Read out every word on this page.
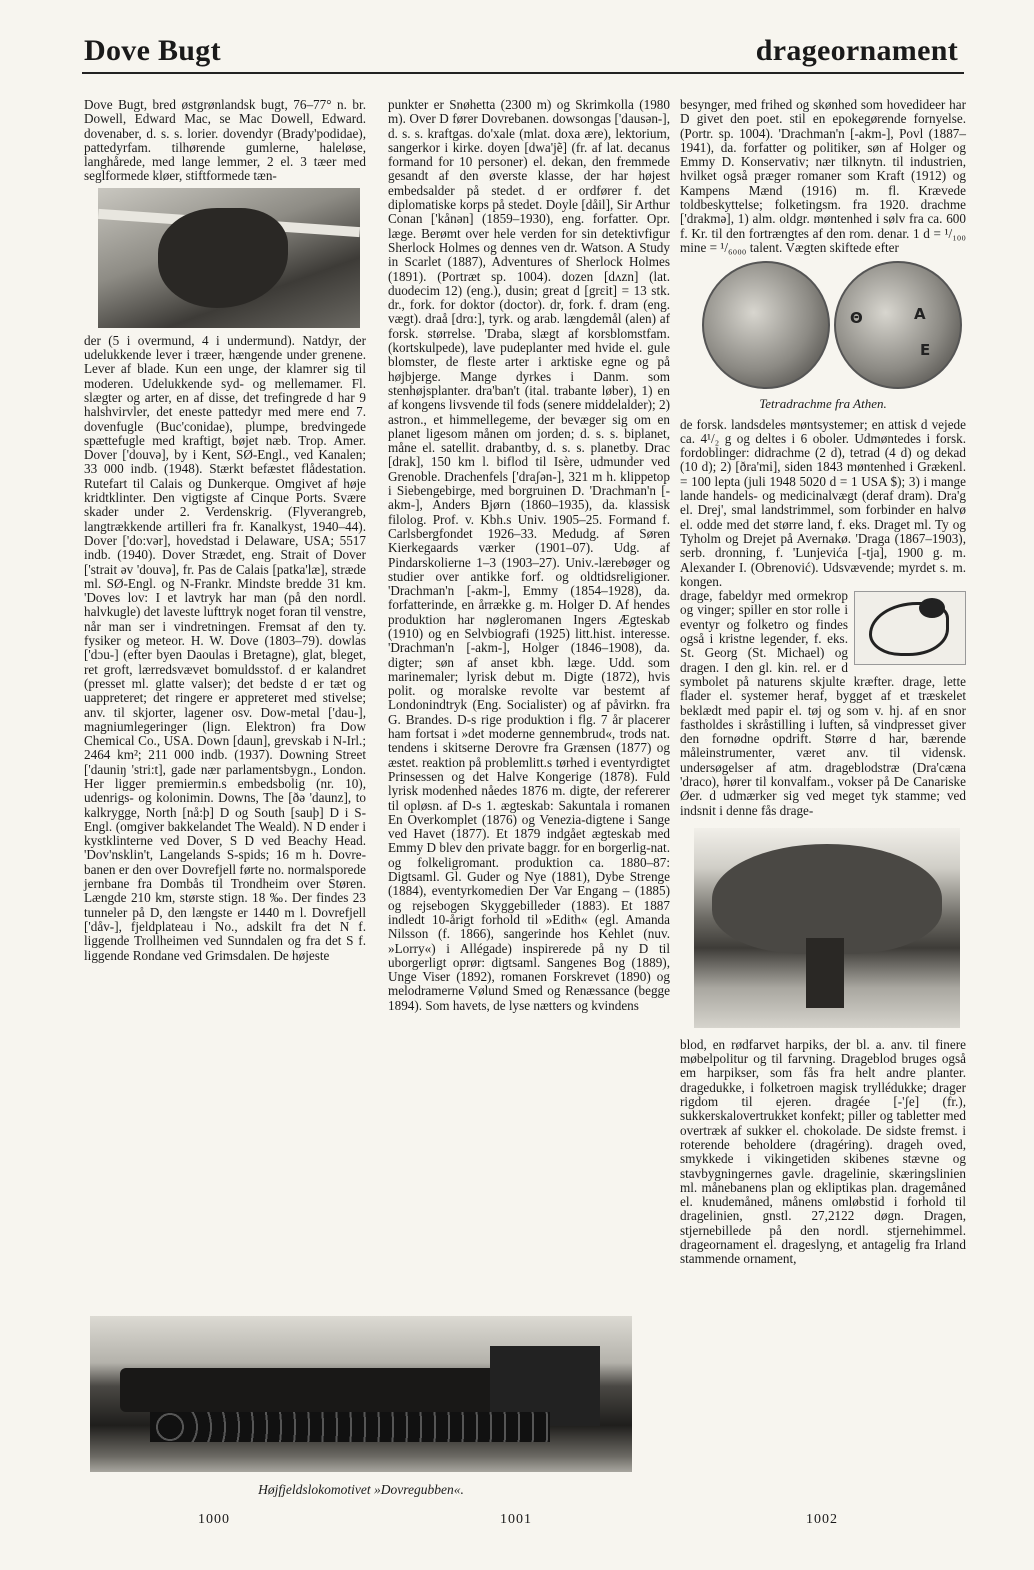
Dove Bugt	drageornament

Dove Bugt, bred østgrønlandsk bugt, 76–77° n. br. Dowell, Edward Mac, se Mac Dowell, Edward. dovenaber, d. s. s. lorier. dovendyr (Brady'podidae), pattedyrfam. tilhørende gumlerne, haleløse, langhårede, med lange lemmer, 2 el. 3 tæer med seglformede kløer, stiftformede tæn-

der (5 i overmund, 4 i undermund). Natdyr, der udelukkende lever i træer, hængende under grenene. Lever af blade. Kun een unge, der klamrer sig til moderen. Udelukkende syd- og mellemamer. Fl. slægter og arter, en af disse, det trefingrede d har 9 halshvirvler, det eneste pattedyr med mere end 7. dovenfugle (Buc'conidae), plumpe, bredvingede spættefugle med kraftigt, bøjet næb. Trop. Amer. Dover ['douvə], by i Kent, SØ-Engl., ved Kanalen; 33 000 indb. (1948). Stærkt befæstet flådestation. Rutefart til Calais og Dunkerque. Omgivet af høje kridtklinter. Den vigtigste af Cinque Ports. Svære skader under 2. Verdenskrig. (Flyverangreb, langtrækkende artilleri fra fr. Kanalkyst, 1940–44). Dover ['do:vər], hovedstad i Delaware, USA; 5517 indb. (1940). Dover Strædet, eng. Strait of Dover ['strait əv 'douvə], fr. Pas de Calais [patka'læ], stræde ml. SØ-Engl. og N-Frankr. Mindste bredde 31 km. 'Doves lov: I et lavtryk har man (på den nordl. halvkugle) det laveste lufttryk noget foran til venstre, når man ser i vindretningen. Fremsat af den ty. fysiker og meteor. H. W. Dove (1803–79). dowlas ['dɔu-] (efter byen Daoulas i Bretagne), glat, bleget, ret groft, lærredsvævet bomuldsstof. d er kalandret (presset ml. glatte valser); det bedste d er tæt og uappreteret; det ringere er appreteret med stivelse; anv. til skjorter, lagener osv. Dow-metal ['dau-], magniumlegeringer (lign. Elektron) fra Dow Chemical Co., USA. Down [daun], grevskab i N-Irl.; 2464 km²; 211 000 indb. (1937). Downing Street ['dauniŋ 'stri:t], gade nær parlamentsbygn., London. Her ligger premiermin.s embedsbolig (nr. 10), udenrigs- og kolonimin. Downs, The [ðə 'daunz], to kalkrygge, North [nå:þ] D og South [sauþ] D i S-Engl. (omgiver bakkelandet The Weald). N D ender i kystklinterne ved Dover, S D ved Beachy Head. 'Dov'nsklin't, Langelands S-spids; 16 m h. Dovre-banen er den over Dovrefjell førte no. normalsporede jernbane fra Dombås til Trondheim over Støren. Længde 210 km, største stign. 18 ‰. Der findes 23 tunneler på D, den længste er 1440 m l. Dovrefjell ['dåv-], fjeldplateau i No., adskilt fra det N f. liggende Trollheimen ved Sunndalen og fra det S f. liggende Rondane ved Grimsdalen. De højeste

punkter er Snøhetta (2300 m) og Skrimkolla (1980 m). Over D fører Dovrebanen. dowsongas ['dausən-], d. s. s. kraftgas. do'xale (mlat. doxa ære), lektorium, sangerkor i kirke. doyen [dwa'jẽ] (fr. af lat. decanus formand for 10 personer) el. dekan, den fremmede gesandt af den øverste klasse, der har højest embedsalder på stedet. d er ordfører f. det diplomatiske korps på stedet. Doyle [dåil], Sir Arthur Conan ['kånən] (1859–1930), eng. forfatter. Opr. læge. Berømt over hele verden for sin detektivfigur Sherlock Holmes og dennes ven dr. Watson. A Study in Scarlet (1887), Adventures of Sherlock Holmes (1891). (Portræt sp. 1004). dozen [dʌzn] (lat. duodecim 12) (eng.), dusin; great d [grɛit] = 13 stk. dr., fork. for doktor (doctor). dr, fork. f. dram (eng. vægt). draå [drɑ:], tyrk. og arab. længdemål (alen) af forsk. størrelse. 'Draba, slægt af korsblomstfam. (kortskulpede), lave pudeplanter med hvide el. gule blomster, de fleste arter i arktiske egne og på højbjerge. Mange dyrkes i Danm. som stenhøjsplanter. dra'ban't (ital. trabante løber), 1) en af kongens livsvende til fods (senere middelalder); 2) astron., et himmellegeme, der bevæger sig om en planet ligesom månen om jorden; d. s. s. biplanet, måne el. satellit. drabantby, d. s. s. planetby. Drac [drak], 150 km l. biflod til Isère, udmunder ved Grenoble. Drachenfels ['draʃən-], 321 m h. klippetop i Siebengebirge, med borgruinen D. 'Drachman'n [-akm-], Anders Bjørn (1860–1935), da. klassisk filolog. Prof. v. Kbh.s Univ. 1905–25. Formand f. Carlsbergfondet 1926–33. Medudg. af Søren Kierkegaards værker (1901–07). Udg. af Pindarskolierne 1–3 (1903–27). Univ.-lærebøger og studier over antikke forf. og oldtidsreligioner. 'Drachman'n [-akm-], Emmy (1854–1928), da. forfatterinde, en årrække g. m. Holger D. Af hendes produktion har nøgleromanen Ingers Ægteskab (1910) og en Selvbiografi (1925) litt.hist. interesse. 'Drachman'n [-akm-], Holger (1846–1908), da. digter; søn af anset kbh. læge. Udd. som marinemaler; lyrisk debut m. Digte (1872), hvis polit. og moralske revolte var bestemt af Londonindtryk (Eng. Socialister) og af påvirkn. fra G. Brandes. D-s rige produktion i flg. 7 år placerer ham fortsat i »det moderne gennembrud«, trods nat. tendens i skitserne Derovre fra Grænsen (1877) og æstet. reaktion på problemlitt.s tørhed i eventyrdigtet Prinsessen og det Halve Kongerige (1878). Fuld lyrisk modenhed nåedes 1876 m. digte, der refererer til opløsn. af D-s 1. ægteskab: Sakuntala i romanen En Overkomplet (1876) og Venezia-digtene i Sange ved Havet (1877). Et 1879 indgået ægteskab med Emmy D blev den private baggr. for en borgerlig-nat. og folkeligromant. produktion ca. 1880–87: Digtsaml. Gl. Guder og Nye (1881), Dybe Strenge (1884), eventyrkomedien Der Var Engang – (1885) og rejsebogen Skyggebilleder (1883). Et 1887 indledt 10-årigt forhold til »Edith« (egl. Amanda Nilsson (f. 1866), sangerinde hos Kehlet (nuv. »Lorry«) i Allégade) inspirerede på ny D til uborgerligt oprør: digtsaml. Sangenes Bog (1889), Unge Viser (1892), romanen Forskrevet (1890) og melodramerne Vølund Smed og Renæssance (begge 1894). Som havets, de lyse nætters og kvindens

besynger, med frihed og skønhed som hovedideer har D givet den poet. stil en epokegørende fornyelse. (Portr. sp. 1004). 'Drachman'n [-akm-], Povl (1887–1941), da. forfatter og politiker, søn af Holger og Emmy D. Konservativ; nær tilknytn. til industrien, hvilket også præger romaner som Kraft (1912) og Kampens Mænd (1916) m. fl. Krævede toldbeskyttelse; folketingsm. fra 1920. drachme ['drakmə], 1) alm. oldgr. møntenhed i sølv fra ca. 600 f. Kr. til den fortrængtes af den rom. denar. 1 d = ¹/₁₀₀ mine = ¹/₆₀₀₀ talent. Vægten skiftede efter

Θ	A
E
Tetradrachme fra Athen.

de forsk. landsdeles møntsystemer; en attisk d vejede ca. 4¹/₂ g og deltes i 6 oboler. Udmøntedes i forsk. fordoblinger: didrachme (2 d), tetrad (4 d) og dekad (10 d); 2) [ðra'mi], siden 1843 møntenhed i Grækenl. = 100 lepta (juli 1948 5020 d = 1 USA $); 3) i mange lande handels- og medicinalvægt (deraf dram). Dra'g el. Drej', smal landstrimmel, som forbinder en halvø el. odde med det større land, f. eks. Draget ml. Ty og Tyholm og Drejet på Avernakø. 'Draga (1867–1903), serb. dronning, f. 'Lunjevića [-tja], 1900 g. m. Alexander I. (Obrenović). Udsvævende; myrdet s. m. kongen.

drage, fabeldyr med ormekrop og vinger; spiller en stor rolle i eventyr og folketro og findes også i kristne legender, f. eks. St. Georg (St. Michael) og dragen. I den gl. kin. rel. er d symbolet på naturens skjulte kræfter. drage, lette flader el. systemer heraf, bygget af et træskelet beklædt med papir el. tøj og som v. hj. af en snor fastholdes i skråstilling i luften, så vindpresset giver den fornødne opdrift. Større d har, bærende måleinstrumenter, været anv. til vidensk. undersøgelser af atm. drageblodstræ (Dra'cæna 'draco), hører til konvalfam., vokser på De Canariske Øer. d udmærker sig ved meget tyk stamme; ved indsnit i denne fås drage-

blod, en rødfarvet harpiks, der bl. a. anv. til finere møbelpolitur og til farvning. Drageblod bruges også em harpikser, som fås fra helt andre planter. dragedukke, i folketroen magisk tryllédukke; drager rigdom til ejeren. dragée [-'ʃe] (fr.), sukkerskalovertrukket konfekt; piller og tabletter med overtræk af sukker el. chokolade. De sidste fremst. i roterende beholdere (dragéring). drageh oved, smykkede i vikingetiden skibenes stævne og stavbygningernes gavle. dragelinie, skæringslinien ml. månebanens plan og ekliptikas plan. dragemåned el. knudemåned, månens omløbstid i forhold til dragelinien, gnstl. 27,2122 døgn. Dragen, stjernebillede på den nordl. stjernehimmel. drageornament el. drageslyng, et antagelig fra Irland stammende ornament,

Højfjeldslokomotivet »Dovregubben«.
1000	1001	1002
